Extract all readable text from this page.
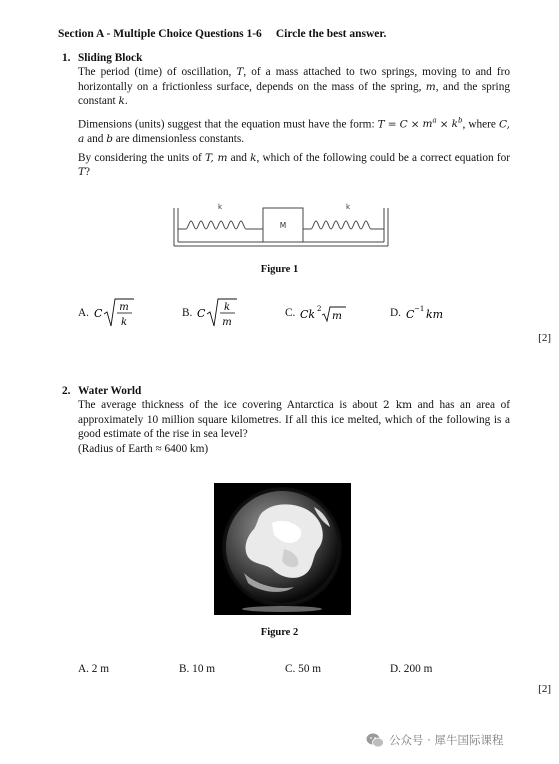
Section A - Multiple Choice Questions 1-6 Circle the best answer.
1. Sliding Block

The period (time) of oscillation, T, of a mass attached to two springs, moving to and fro horizontally on a frictionless surface, depends on the mass of the spring, m, and the spring constant k.

Dimensions (units) suggest that the equation must have the form: $T = C \times m^a \times k^b$, where C, a and b are dimensionless constants.

By considering the units of T, m and k, which of the following could be a correct equation for T?

k	k
M
Figure 1
A. C m
k
B. C k
m
C. Ck 2
m	D. C −1 km
[2]
2. Water World

The average thickness of the ice covering Antarctica is about 2 km and has an area of approximately 10 million square kilometres. If all this ice melted, which of the following is a good estimate of the rise in sea level?

(Radius of Earth ≈ 6400 km)
Figure 2
A. 2 m	B. 10 m	C. 50 m	D. 200 m
[2]
公众号 · 犀牛国际课程
